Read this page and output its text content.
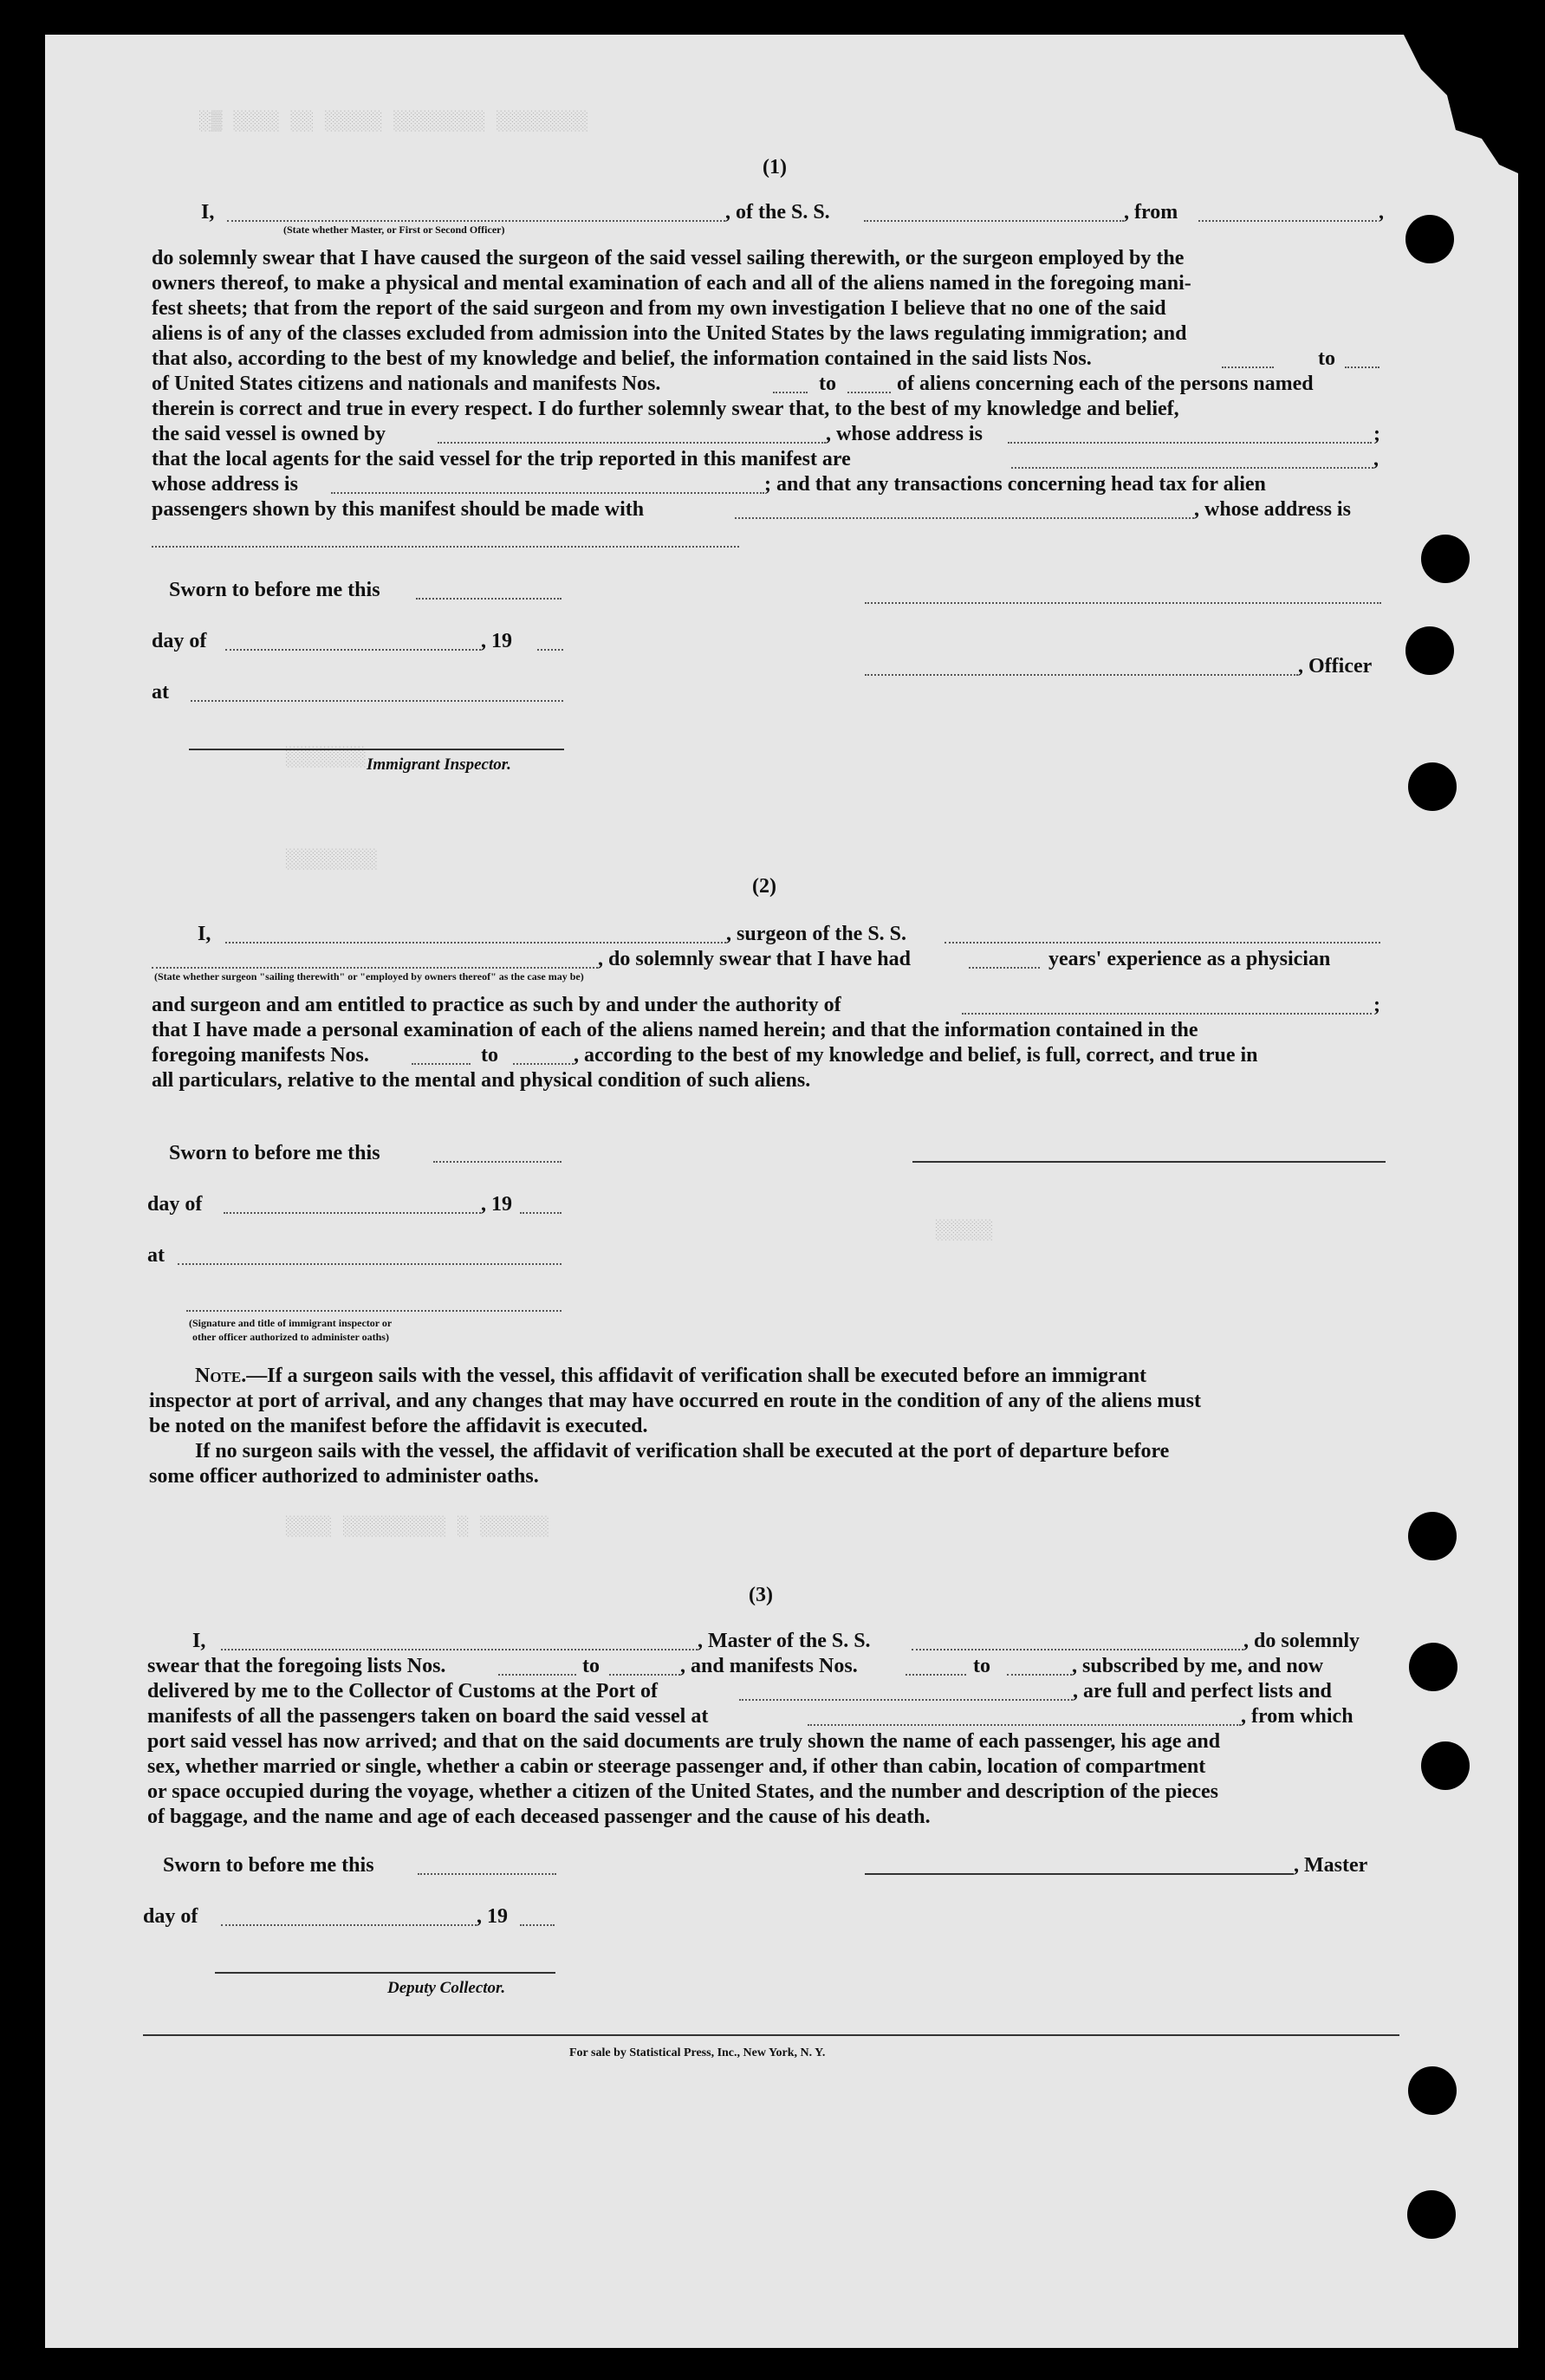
░▒ ░░░░ ░░ ░░░░░ ░░░░░░░░ ░░░░░░░░
░░░░░░░
░░░░░░░░
░░░░░
░░░░ ░░░░░░░░░ ░ ░░░░░░
(1)
I,	, of the S. S.	, from	,
(State whether Master, or First or Second Officer)
do solemnly swear that I have caused the surgeon of the said vessel sailing therewith, or the surgeon employed by the
owners thereof, to make a physical and mental examination of each and all of the aliens named in the foregoing mani-
fest sheets; that from the report of the said surgeon and from my own investigation I believe that no one of the said
aliens is of any of the classes excluded from admission into the United States by the laws regulating immigration; and
that also, according to the best of my knowledge and belief, the information contained in the said lists Nos.	to
of United States citizens and nationals and manifests Nos.	to	of aliens concerning each of the persons named
therein is correct and true in every respect. I do further solemnly swear that, to the best of my knowledge and belief,
the said vessel is owned by	, whose address is	;
that the local agents for the said vessel for the trip reported in this manifest are	,
whose address is	; and that any transactions concerning head tax for alien
passengers shown by this manifest should be made with	, whose address is
Sworn to before me this
day of	, 19
, Officer
at
Immigrant Inspector.
(2)
I,	, surgeon of the S. S.
, do solemnly swear that I have had	years' experience as a physician
(State whether surgeon "sailing therewith" or "employed by owners thereof" as the case may be)
and surgeon and am entitled to practice as such by and under the authority of	;
that I have made a personal examination of each of the aliens named herein; and that the information contained in the
foregoing manifests Nos.	to	, according to the best of my knowledge and belief, is full, correct, and true in
all particulars, relative to the mental and physical condition of such aliens.
Sworn to before me this
day of	, 19
at
(Signature and title of immigrant inspector or
other officer authorized to administer oaths)
Note.—If a surgeon sails with the vessel, this affidavit of verification shall be executed before an immigrant
inspector at port of arrival, and any changes that may have occurred en route in the condition of any of the aliens must
be noted on the manifest before the affidavit is executed.
If no surgeon sails with the vessel, the affidavit of verification shall be executed at the port of departure before
some officer authorized to administer oaths.
(3)
I,	, Master of the S. S.	, do solemnly
swear that the foregoing lists Nos.	to	, and manifests Nos.	to	, subscribed by me, and now
delivered by me to the Collector of Customs at the Port of	, are full and perfect lists and
manifests of all the passengers taken on board the said vessel at	, from which
port said vessel has now arrived; and that on the said documents are truly shown the name of each passenger, his age and
sex, whether married or single, whether a cabin or steerage passenger and, if other than cabin, location of compartment
or space occupied during the voyage, whether a citizen of the United States, and the number and description of the pieces
of baggage, and the name and age of each deceased passenger and the cause of his death.
Sworn to before me this	, Master
day of	, 19
Deputy Collector.
For sale by Statistical Press, Inc., New York, N. Y.
